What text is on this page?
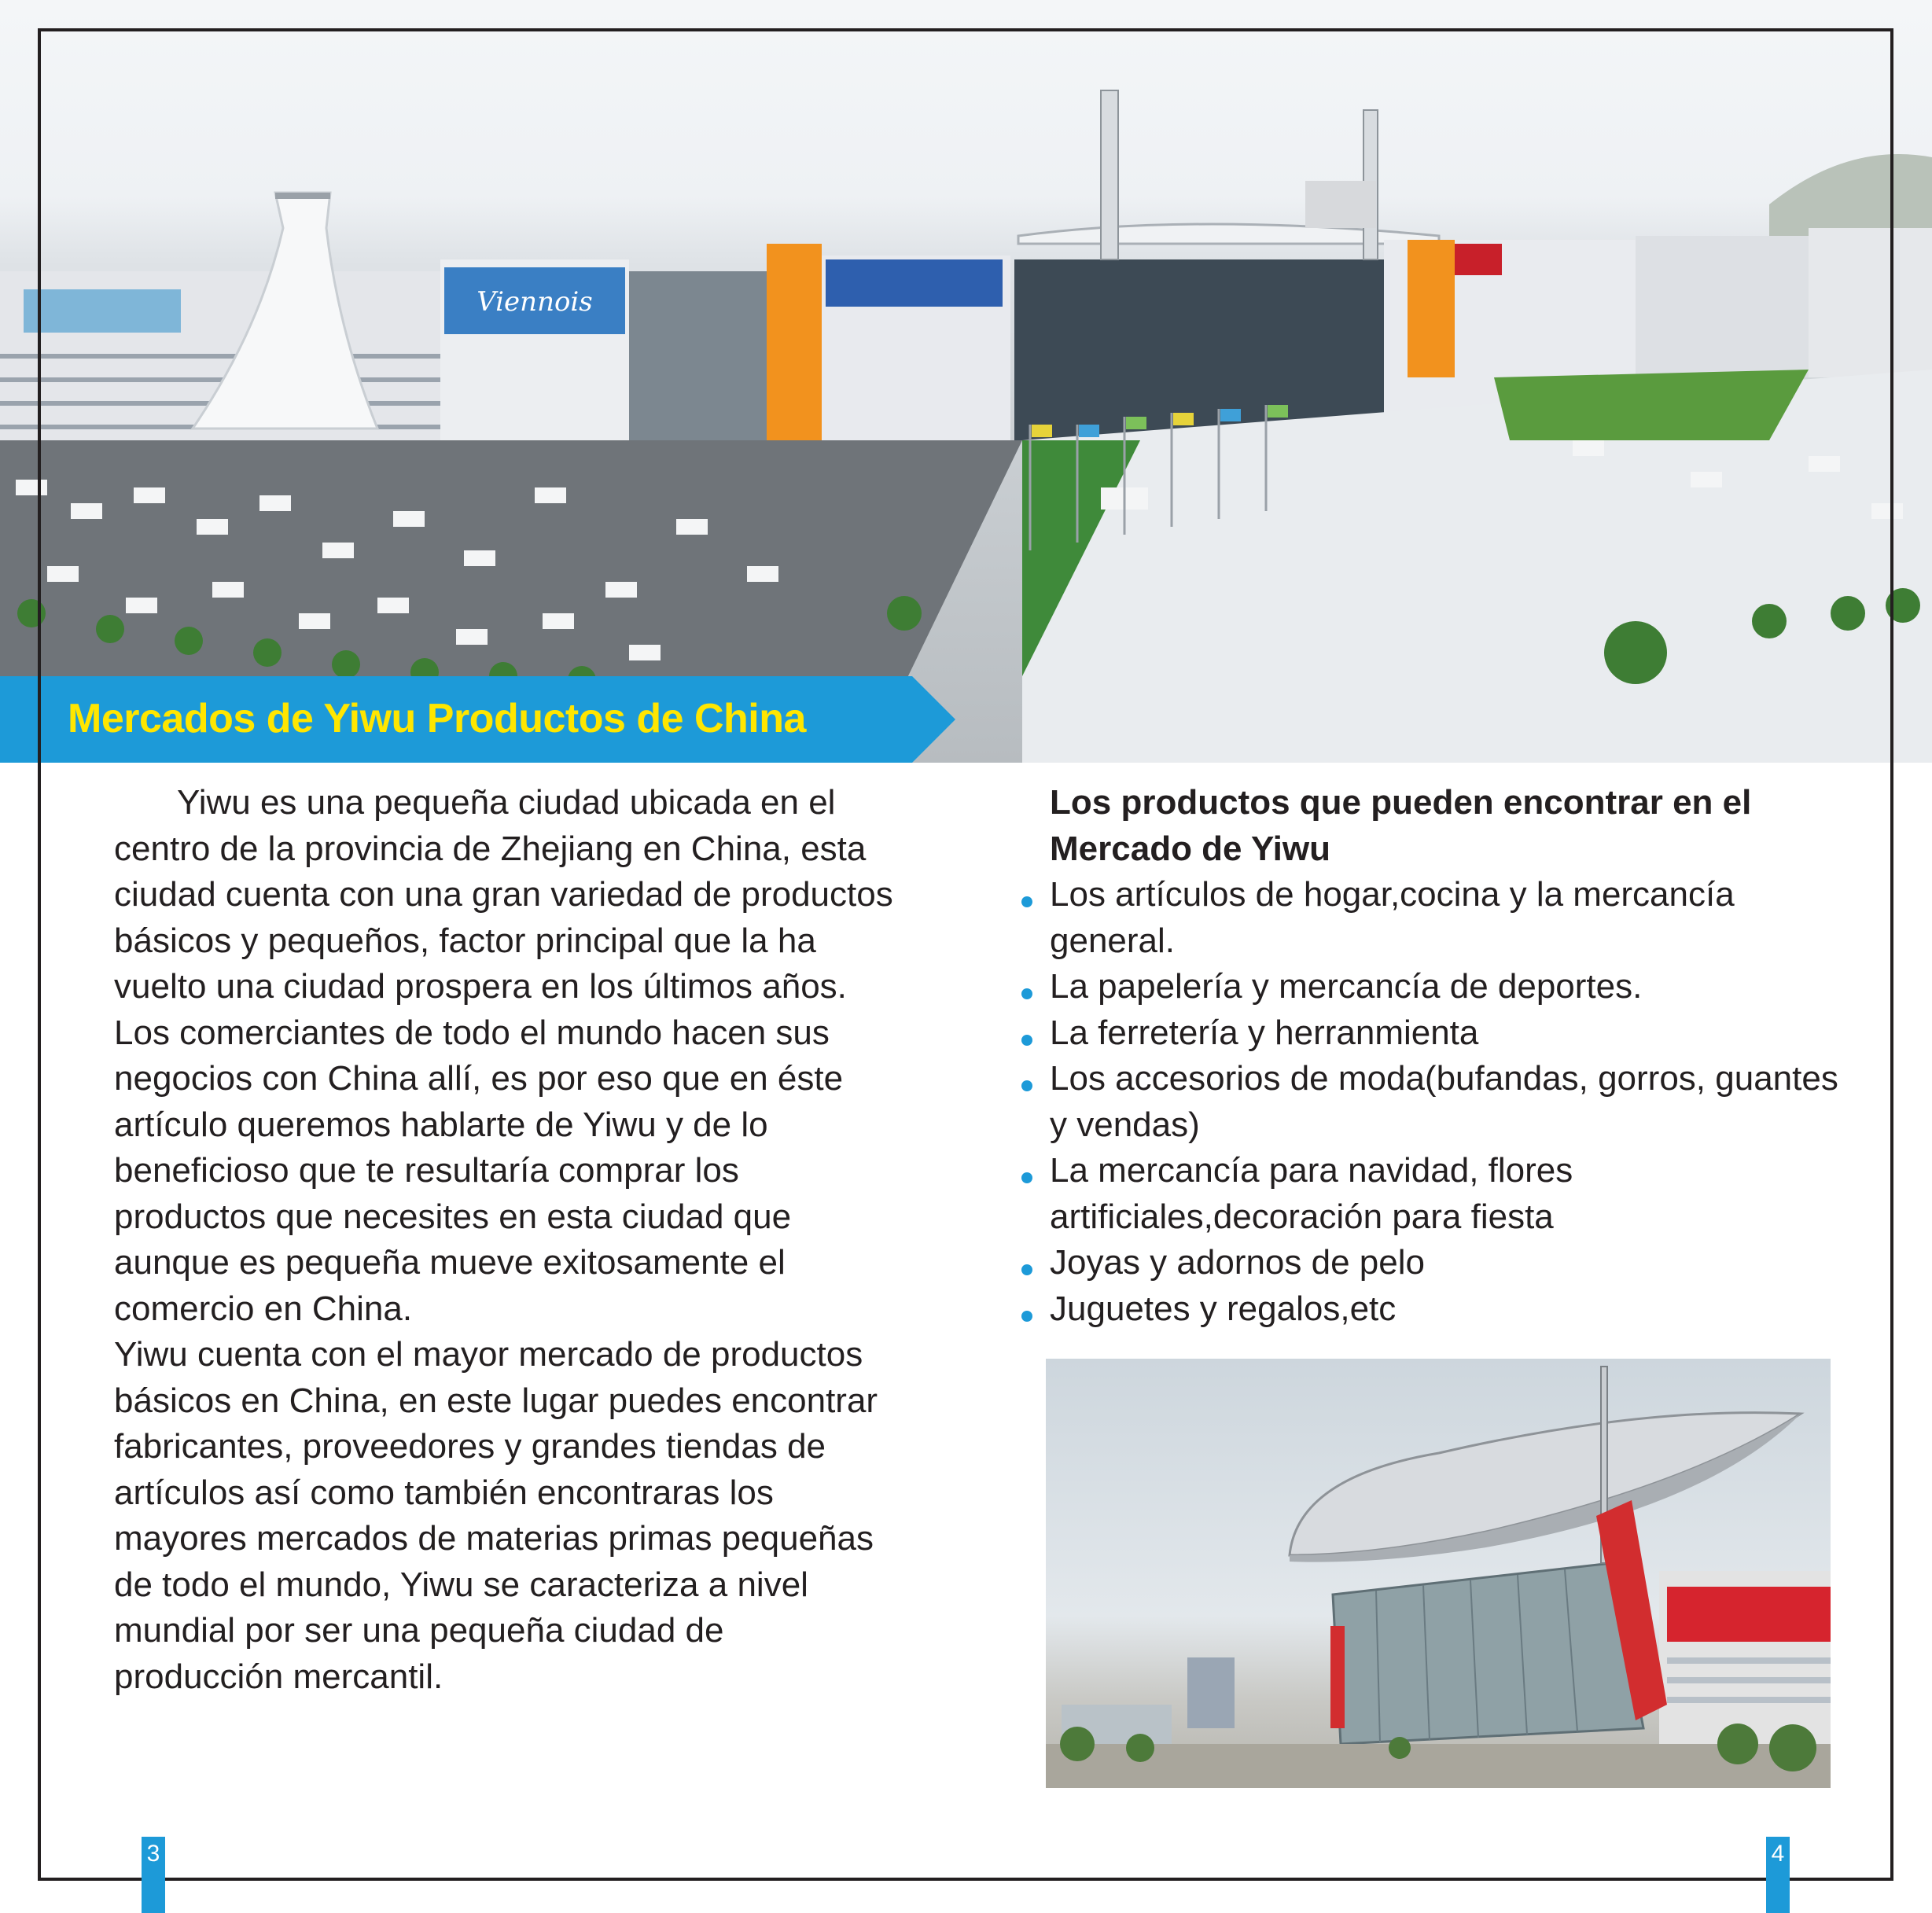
Viennois
Mercados de Yiwu Productos de China

Yiwu es una pequeña ciudad ubicada en el centro de la provincia de Zhejiang en China, esta ciudad cuenta con una gran variedad de productos básicos y pequeños, factor principal que la ha vuelto una ciudad prospera en los últimos años. Los comerciantes de todo el mundo hacen sus negocios con China allí, es por eso que en éste artículo queremos hablarte de Yiwu y de lo beneficioso que te resultaría comprar los productos que necesites en esta ciudad que aunque es pequeña mueve exitosamente el comercio en China.

Yiwu cuenta con el mayor mercado de productos básicos en China, en este lugar puedes encontrar fabricantes, proveedores y grandes tiendas de artículos así como también encontraras los mayores mercados de materias primas pequeñas de todo el mundo, Yiwu se caracteriza a nivel mundial por ser una pequeña ciudad de producción mercantil.

Los productos que pueden encontrar en el Mercado de Yiwu
Los artículos de hogar,cocina y la mercancía general.
La papelería y mercancía de deportes.
La ferretería y herranmienta
Los accesorios de moda(bufandas, gorros, guantes y vendas)
La mercancía para navidad, flores artificiales,decoración para fiesta
Joyas y adornos de pelo
Juguetes y regalos,etc
3	4
